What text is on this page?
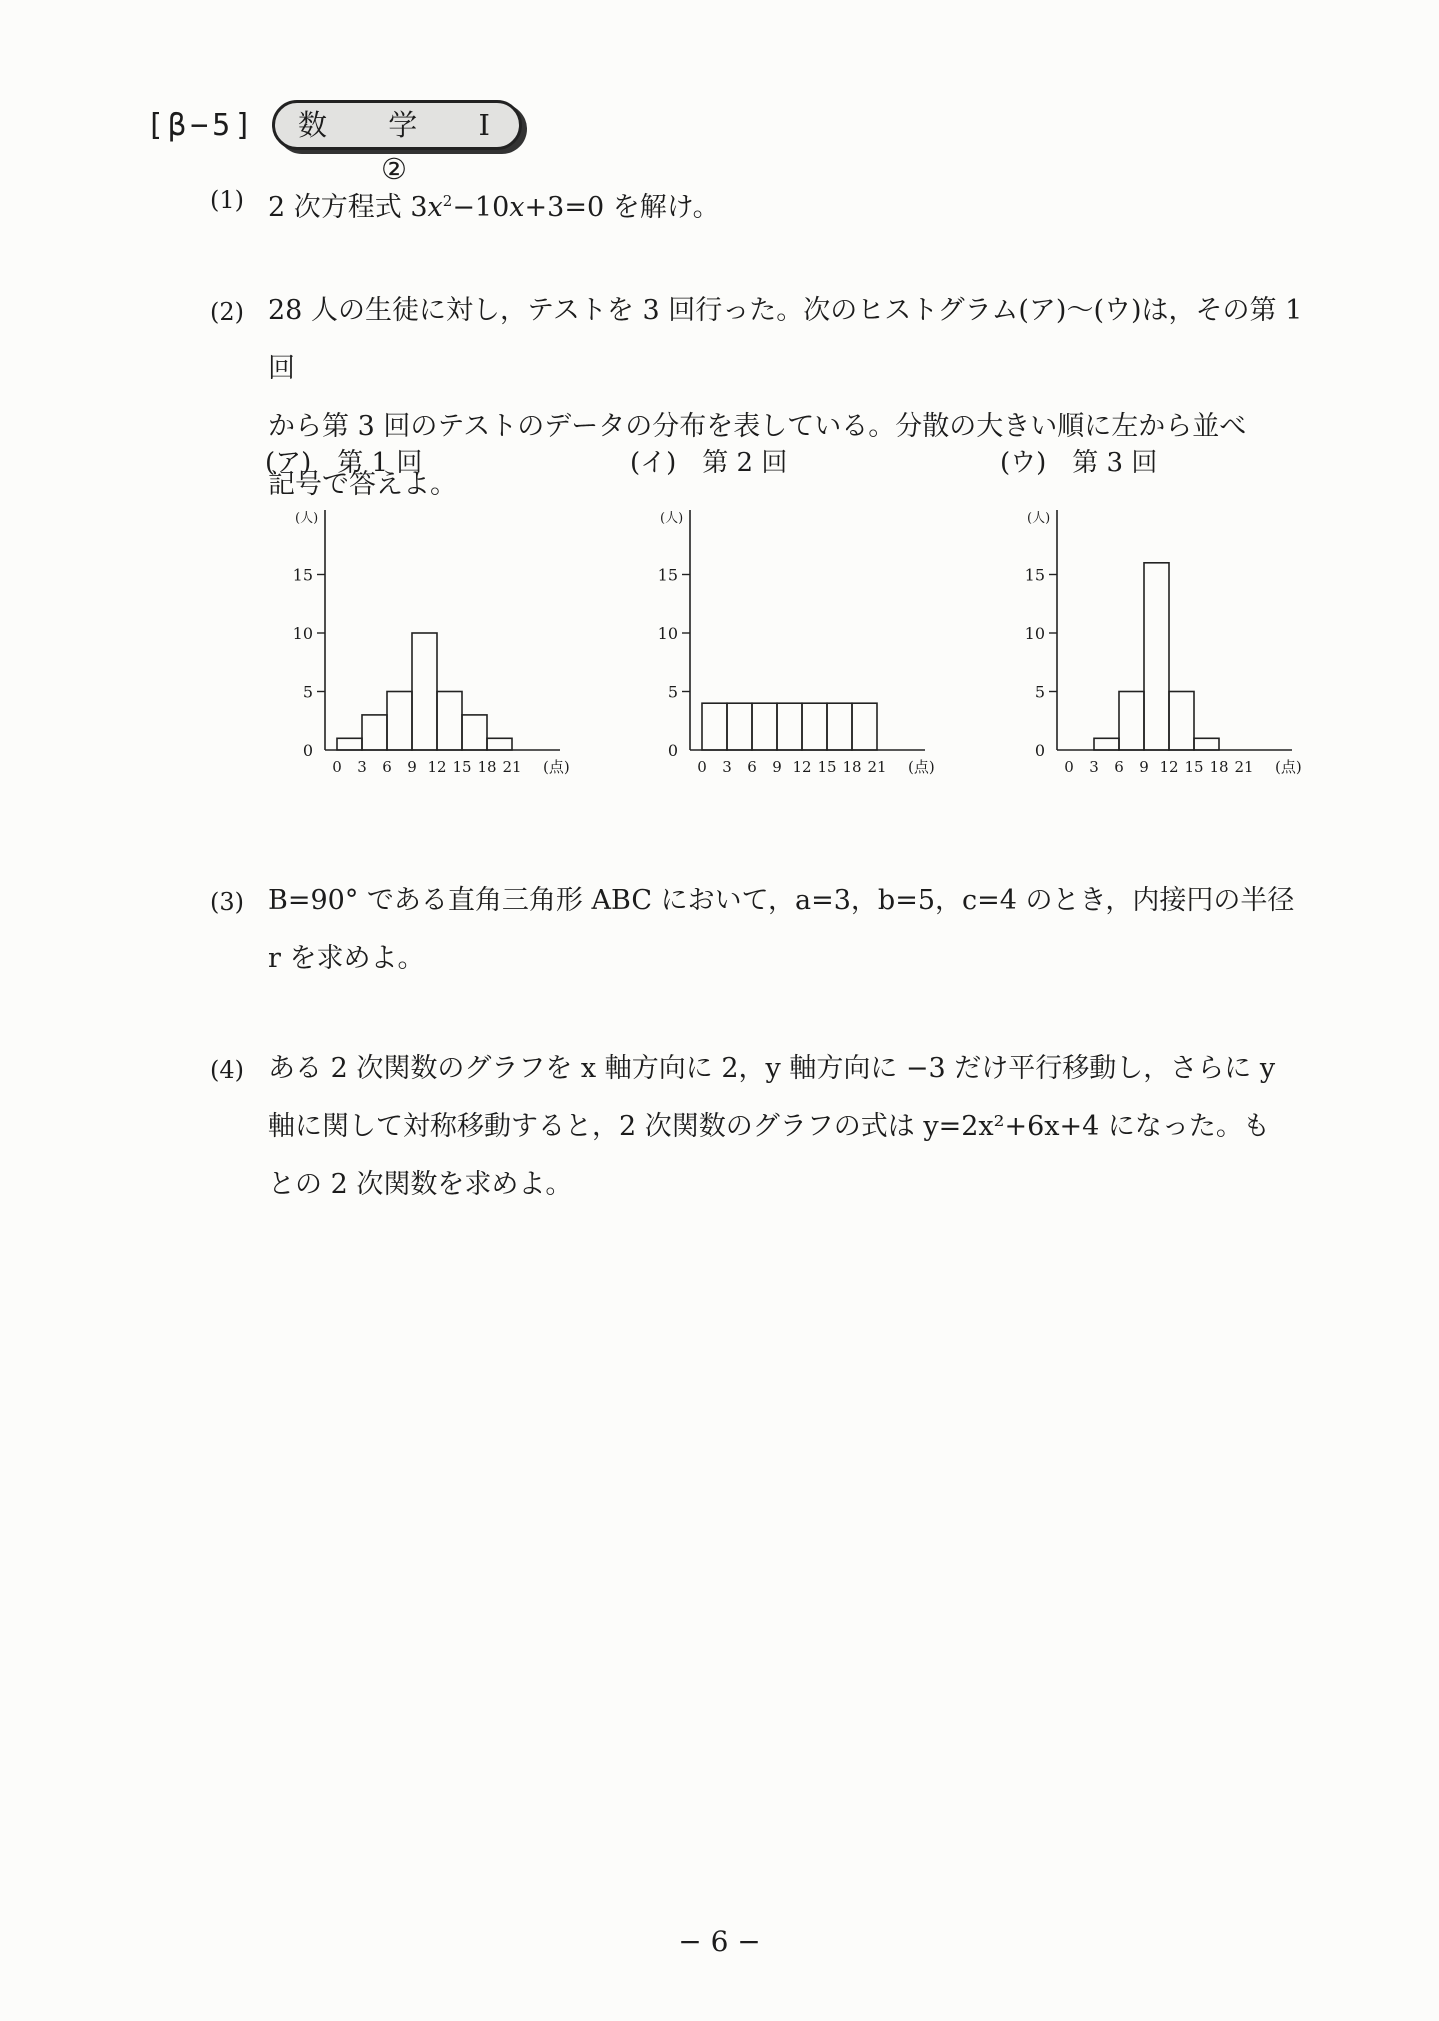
[β−5]	数 学 I ②
(1) 2 次方程式 $3x^2-10x+3=0$ を解け。
(2) 28 人の生徒に対し，テストを 3 回行った。次のヒストグラム(ア)〜(ウ)は，その第 1 回
から第 3 回のテストのデータの分布を表している。分散の大きい順に左から並べ
記号で答えよ。
(ア)　第 1 回	(イ)　第 2 回	(ウ)　第 3 回
(人)
0
5
10
15
0 3 6 9 12 15 18 21 (点)
(人)
0
5
10
15
0 3 6 9 12 15 18 21 (点)
(人)
0
5
10
15
0 3 6 9 12 15 18 21 (点)
(3) B=90° である直角三角形 ABC において，a=3，b=5，c=4 のとき，内接円の半径
r を求めよ。
(4) ある 2 次関数のグラフを x 軸方向に 2，y 軸方向に −3 だけ平行移動し，さらに y
軸に関して対称移動すると，2 次関数のグラフの式は y=2x²+6x+4 になった。も
との 2 次関数を求めよ。
− 6 −
